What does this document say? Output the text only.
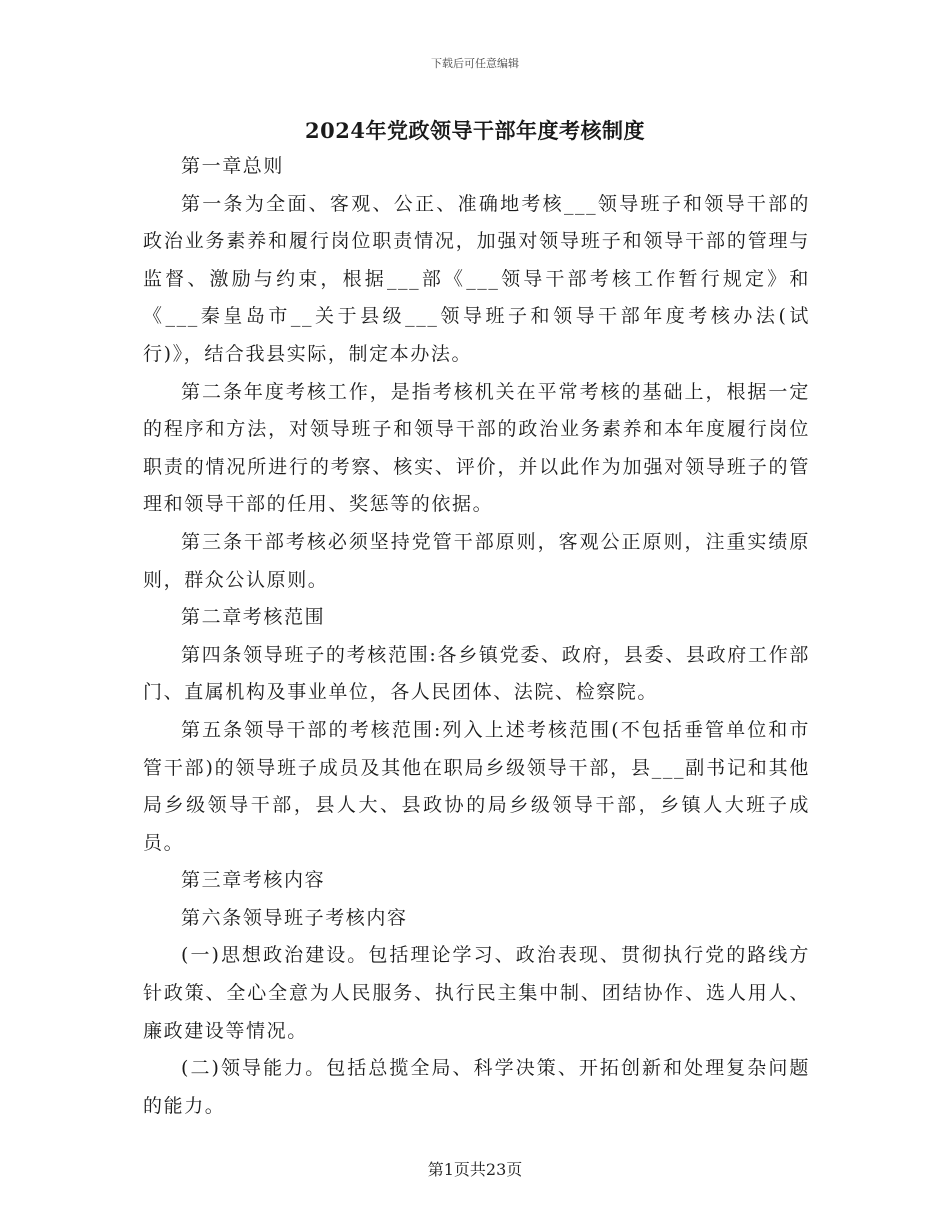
下载后可任意编辑
2024年党政领导干部年度考核制度

第一章总则

第一条为全面、客观、公正、准确地考核___领导班子和领导干部的政治业务素养和履行岗位职责情况，加强对领导班子和领导干部的管理与监督、激励与约束，根据___部《___领导干部考核工作暂行规定》和《___秦皇岛市__关于县级___领导班子和领导干部年度考核办法(试行)》，结合我县实际，制定本办法。

第二条年度考核工作，是指考核机关在平常考核的基础上，根据一定的程序和方法，对领导班子和领导干部的政治业务素养和本年度履行岗位职责的情况所进行的考察、核实、评价，并以此作为加强对领导班子的管理和领导干部的任用、奖惩等的依据。

第三条干部考核必须坚持党管干部原则，客观公正原则，注重实绩原则，群众公认原则。

第二章考核范围

第四条领导班子的考核范围:各乡镇党委、政府，县委、县政府工作部门、直属机构及事业单位，各人民团体、法院、检察院。

第五条领导干部的考核范围:列入上述考核范围(不包括垂管单位和市管干部)的领导班子成员及其他在职局乡级领导干部，县___副书记和其他局乡级领导干部，县人大、县政协的局乡级领导干部，乡镇人大班子成员。

第三章考核内容

第六条领导班子考核内容

(一)思想政治建设。包括理论学习、政治表现、贯彻执行党的路线方针政策、全心全意为人民服务、执行民主集中制、团结协作、选人用人、廉政建设等情况。

(二)领导能力。包括总揽全局、科学决策、开拓创新和处理复杂问题的能力。

第1页共23页
